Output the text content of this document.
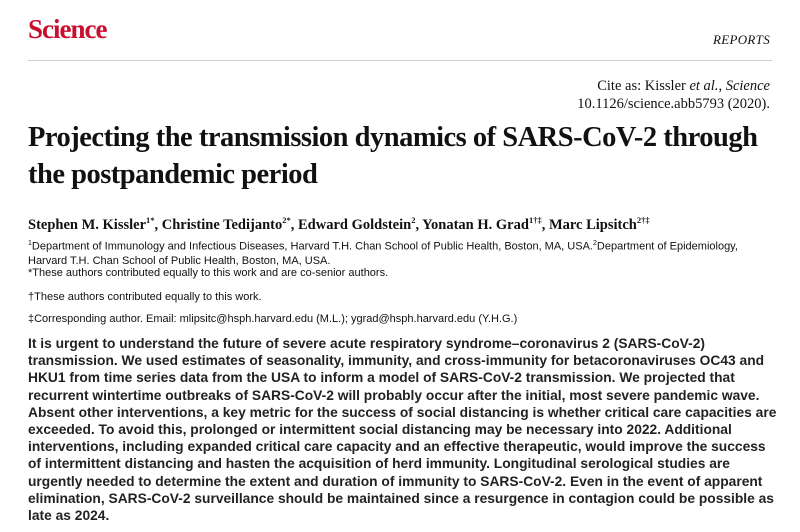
Science	REPORTS
Cite as: Kissler et al., Science
10.1126/science.abb5793 (2020).
Projecting the transmission dynamics of SARS-CoV-2 through the postpandemic period
Stephen M. Kissler$^{1*}$, Christine Tedijanto$^{2*}$, Edward Goldstein$^2$, Yonatan H. Grad$^{1\dagger\ddagger}$, Marc Lipsitch$^{2\dagger\ddagger}$
$^1$Department of Immunology and Infectious Diseases, Harvard T.H. Chan School of Public Health, Boston, MA, USA.$^2$Department of Epidemiology, Harvard T.H. Chan School of Public Health, Boston, MA, USA.
*These authors contributed equally to this work and are co-senior authors.
†These authors contributed equally to this work.
‡Corresponding author. Email: mlipsitc@hsph.harvard.edu (M.L.); ygrad@hsph.harvard.edu (Y.H.G.)
It is urgent to understand the future of severe acute respiratory syndrome–coronavirus 2 (SARS-CoV-2) transmission. We used estimates of seasonality, immunity, and cross-immunity for betacoronaviruses OC43 and HKU1 from time series data from the USA to inform a model of SARS-CoV-2 transmission. We projected that recurrent wintertime outbreaks of SARS-CoV-2 will probably occur after the initial, most severe pandemic wave. Absent other interventions, a key metric for the success of social distancing is whether critical care capacities are exceeded. To avoid this, prolonged or intermittent social distancing may be necessary into 2022. Additional interventions, including expanded critical care capacity and an effective therapeutic, would improve the success of intermittent distancing and hasten the acquisition of herd immunity. Longitudinal serological studies are urgently needed to determine the extent and duration of immunity to SARS-CoV-2. Even in the event of apparent elimination, SARS-CoV-2 surveillance should be maintained since a resurgence in contagion could be possible as late as 2024.
